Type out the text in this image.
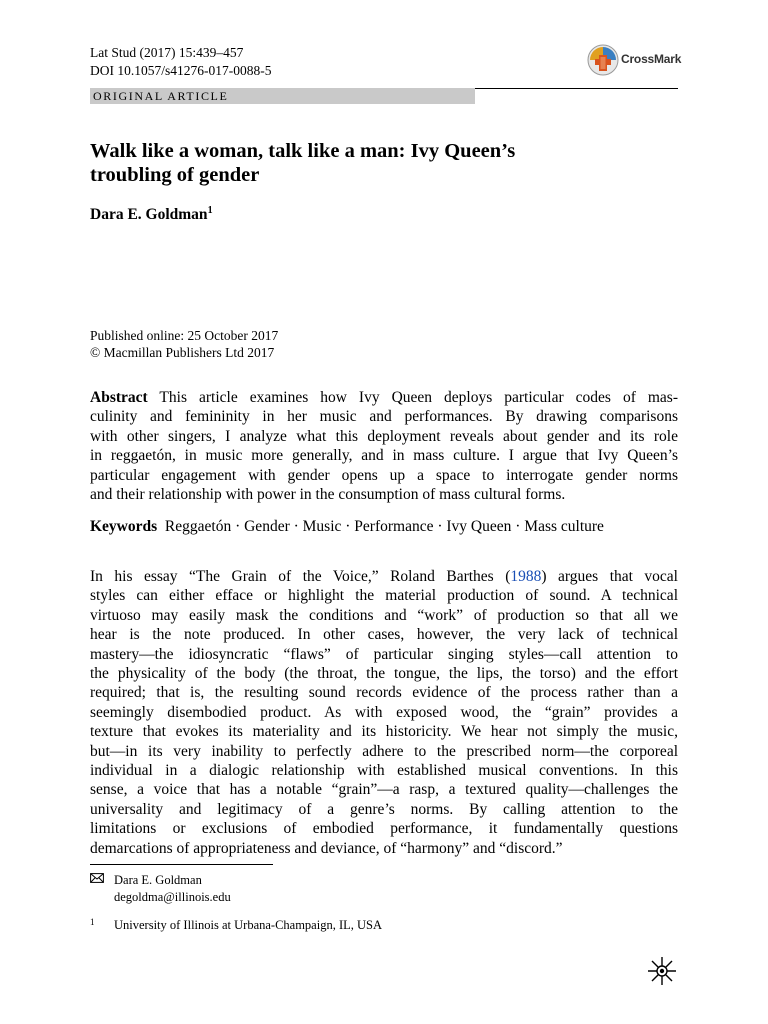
Lat Stud (2017) 15:439–457
DOI 10.1057/s41276-017-0088-5
CrossMark
ORIGINAL ARTICLE
Walk like a woman, talk like a man: Ivy Queen’s
troubling of gender
Dara E. Goldman$^1$
Published online: 25 October 2017
© Macmillan Publishers Ltd 2017
Abstract This article examines how Ivy Queen deploys particular codes of mas-
culinity and femininity in her music and performances. By drawing comparisons
with other singers, I analyze what this deployment reveals about gender and its role
in reggaetón, in music more generally, and in mass culture. I argue that Ivy Queen’s
particular engagement with gender opens up a space to interrogate gender norms
and their relationship with power in the consumption of mass cultural forms.
Keywords Reggaetón · Gender · Music · Performance · Ivy Queen · Mass culture
In his essay “The Grain of the Voice,” Roland Barthes (1988) argues that vocal
styles can either efface or highlight the material production of sound. A technical
virtuoso may easily mask the conditions and “work” of production so that all we
hear is the note produced. In other cases, however, the very lack of technical
mastery—the idiosyncratic “flaws” of particular singing styles—call attention to
the physicality of the body (the throat, the tongue, the lips, the torso) and the effort
required; that is, the resulting sound records evidence of the process rather than a
seemingly disembodied product. As with exposed wood, the “grain” provides a
texture that evokes its materiality and its historicity. We hear not simply the music,
but—in its very inability to perfectly adhere to the prescribed norm—the corporeal
individual in a dialogic relationship with established musical conventions. In this
sense, a voice that has a notable “grain”—a rasp, a textured quality—challenges the
universality and legitimacy of a genre’s norms. By calling attention to the
limitations or exclusions of embodied performance, it fundamentally questions
demarcations of appropriateness and deviance, of “harmony” and “discord.”
Dara E. Goldman
degoldma@illinois.edu
1 University of Illinois at Urbana-Champaign, IL, USA
